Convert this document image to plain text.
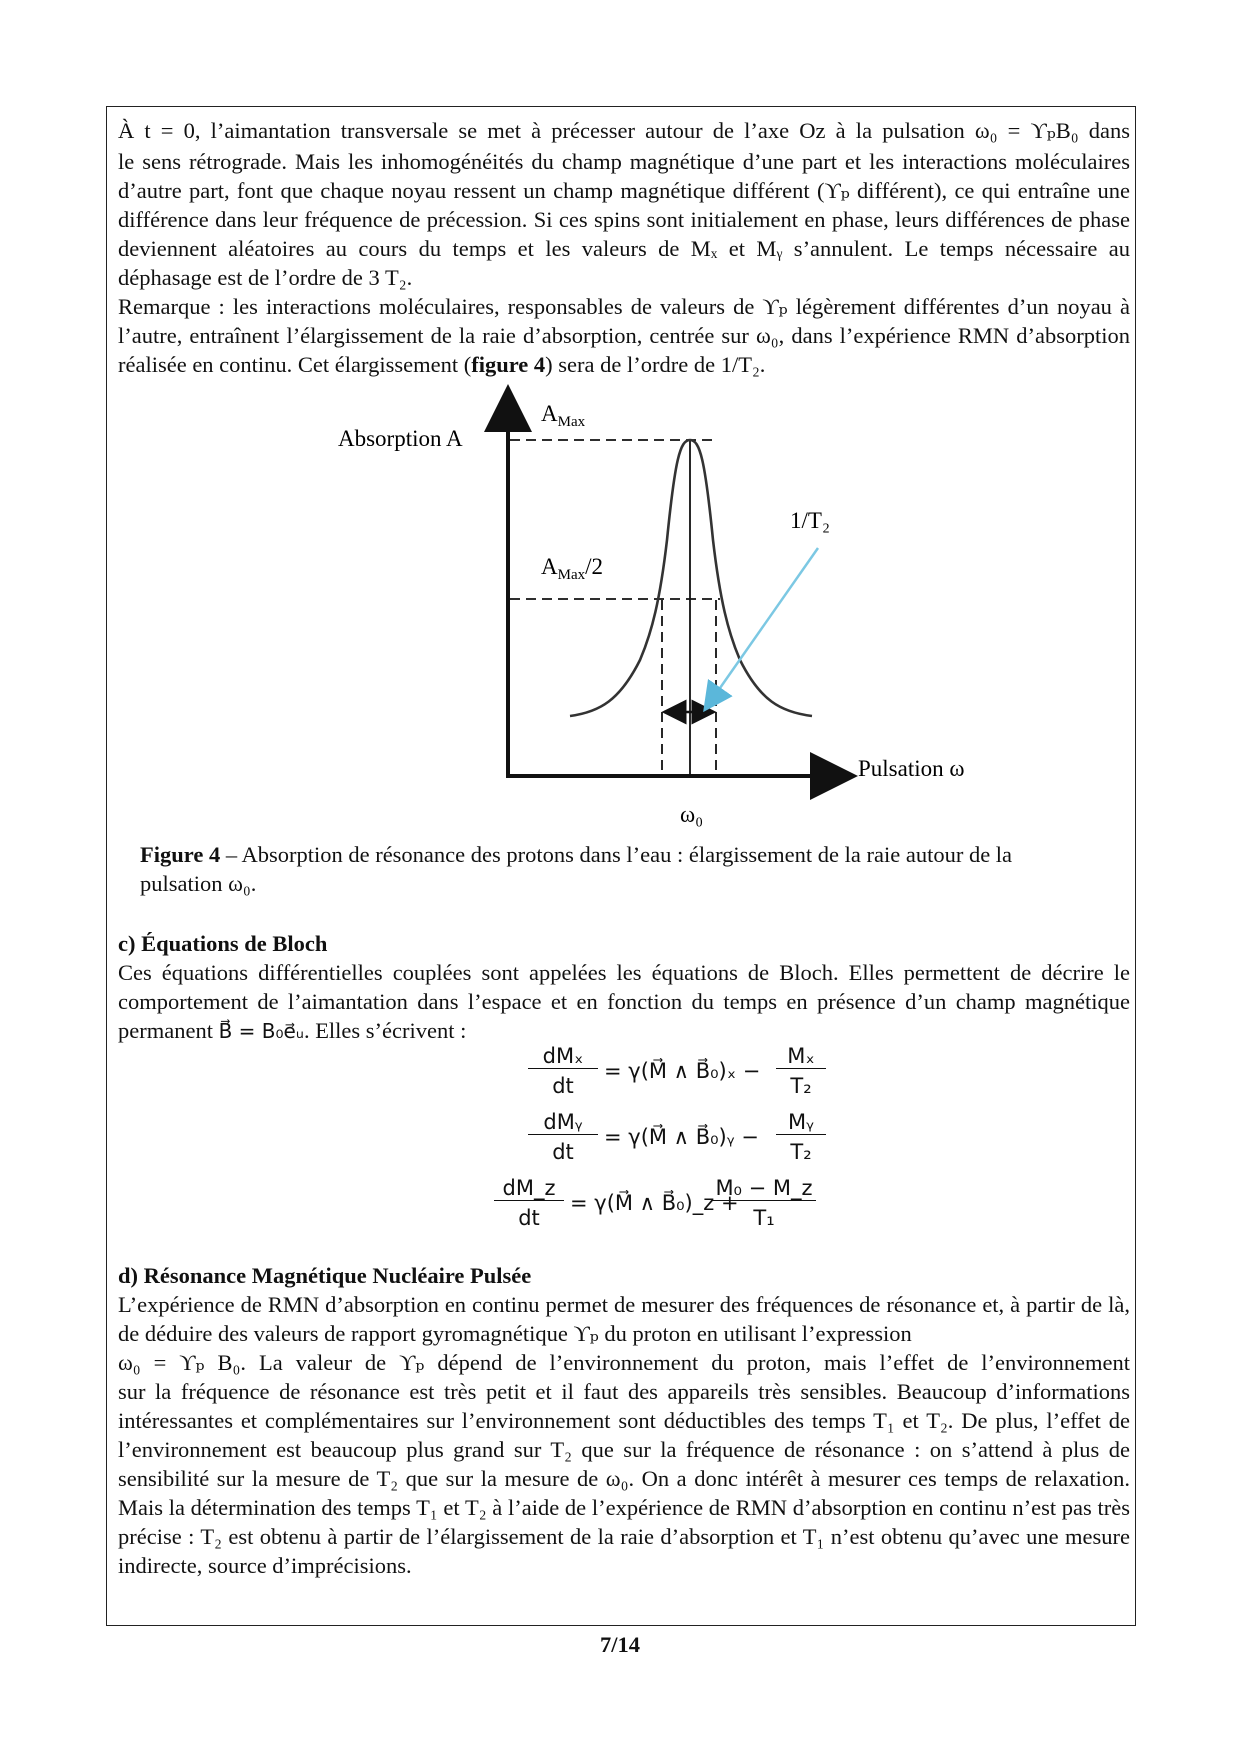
À t = 0, l’aimantation transversale se met à précesser autour de l’axe Oz à la pulsation ω₀ = ϒₚB₀ dans

le sens rétrograde. Mais les inhomogénéités du champ magnétique d’une part et les interactions moléculaires d’autre part, font que chaque noyau ressent un champ magnétique différent (ϒₚ différent), ce qui entraîne une différence dans leur fréquence de précession. Si ces spins sont initialement en phase, leurs différences de phase deviennent aléatoires au cours du temps et les valeurs de Mₓ et Mᵧ s’annulent. Le temps nécessaire au déphasage est de l’ordre de 3 T₂.

Remarque : les interactions moléculaires, responsables de valeurs de ϒₚ légèrement différentes d’un noyau à l’autre, entraînent l’élargissement de la raie d’absorption, centrée sur ω₀, dans l’expérience RMN d’absorption réalisée en continu. Cet élargissement (figure 4) sera de l’ordre de 1/T₂.

Absorption A
Pulsation ω
$A_{Max}$
$A_{Max}/2$
1/T₂
ω₀
Figure 4 – Absorption de résonance des protons dans l’eau : élargissement de la raie autour de la pulsation ω₀.

c) Équations de Bloch

Ces équations différentielles couplées sont appelées les équations de Bloch. Elles permettent de décrire le comportement de l’aimantation dans l’espace et en fonction du temps en présence d’un champ magnétique permanent B⃗ = B₀e⃗ᵤ. Elles s’écrivent :

dMₓ
dt
= γ(M⃗ ∧ B⃗₀)ₓ −
Mₓ
T₂
dMᵧ
dt
= γ(M⃗ ∧ B⃗₀)ᵧ −
Mᵧ
T₂
dM_z
dt
= γ(M⃗ ∧ B⃗₀)_z +
M₀ − M_z
T₁

d) Résonance Magnétique Nucléaire Pulsée

L’expérience de RMN d’absorption en continu permet de mesurer des fréquences de résonance et, à partir de là, de déduire des valeurs de rapport gyromagnétique ϒₚ du proton en utilisant l’expression

ω₀ = ϒₚ B₀. La valeur de ϒₚ dépend de l’environnement du proton, mais l’effet de l’environnement

sur la fréquence de résonance est très petit et il faut des appareils très sensibles. Beaucoup d’informations intéressantes et complémentaires sur l’environnement sont déductibles des temps T₁ et T₂. De plus, l’effet de l’environnement est beaucoup plus grand sur T₂ que sur la fréquence de résonance : on s’attend à plus de sensibilité sur la mesure de T₂ que sur la mesure de ω₀. On a donc intérêt à mesurer ces temps de relaxation. Mais la détermination des temps T₁ et T₂ à l’aide de l’expérience de RMN d’absorption en continu n’est pas très précise : T₂ est obtenu à partir de l’élargissement de la raie d’absorption et T₁ n’est obtenu qu’avec une mesure indirecte, source d’imprécisions.

7/14
